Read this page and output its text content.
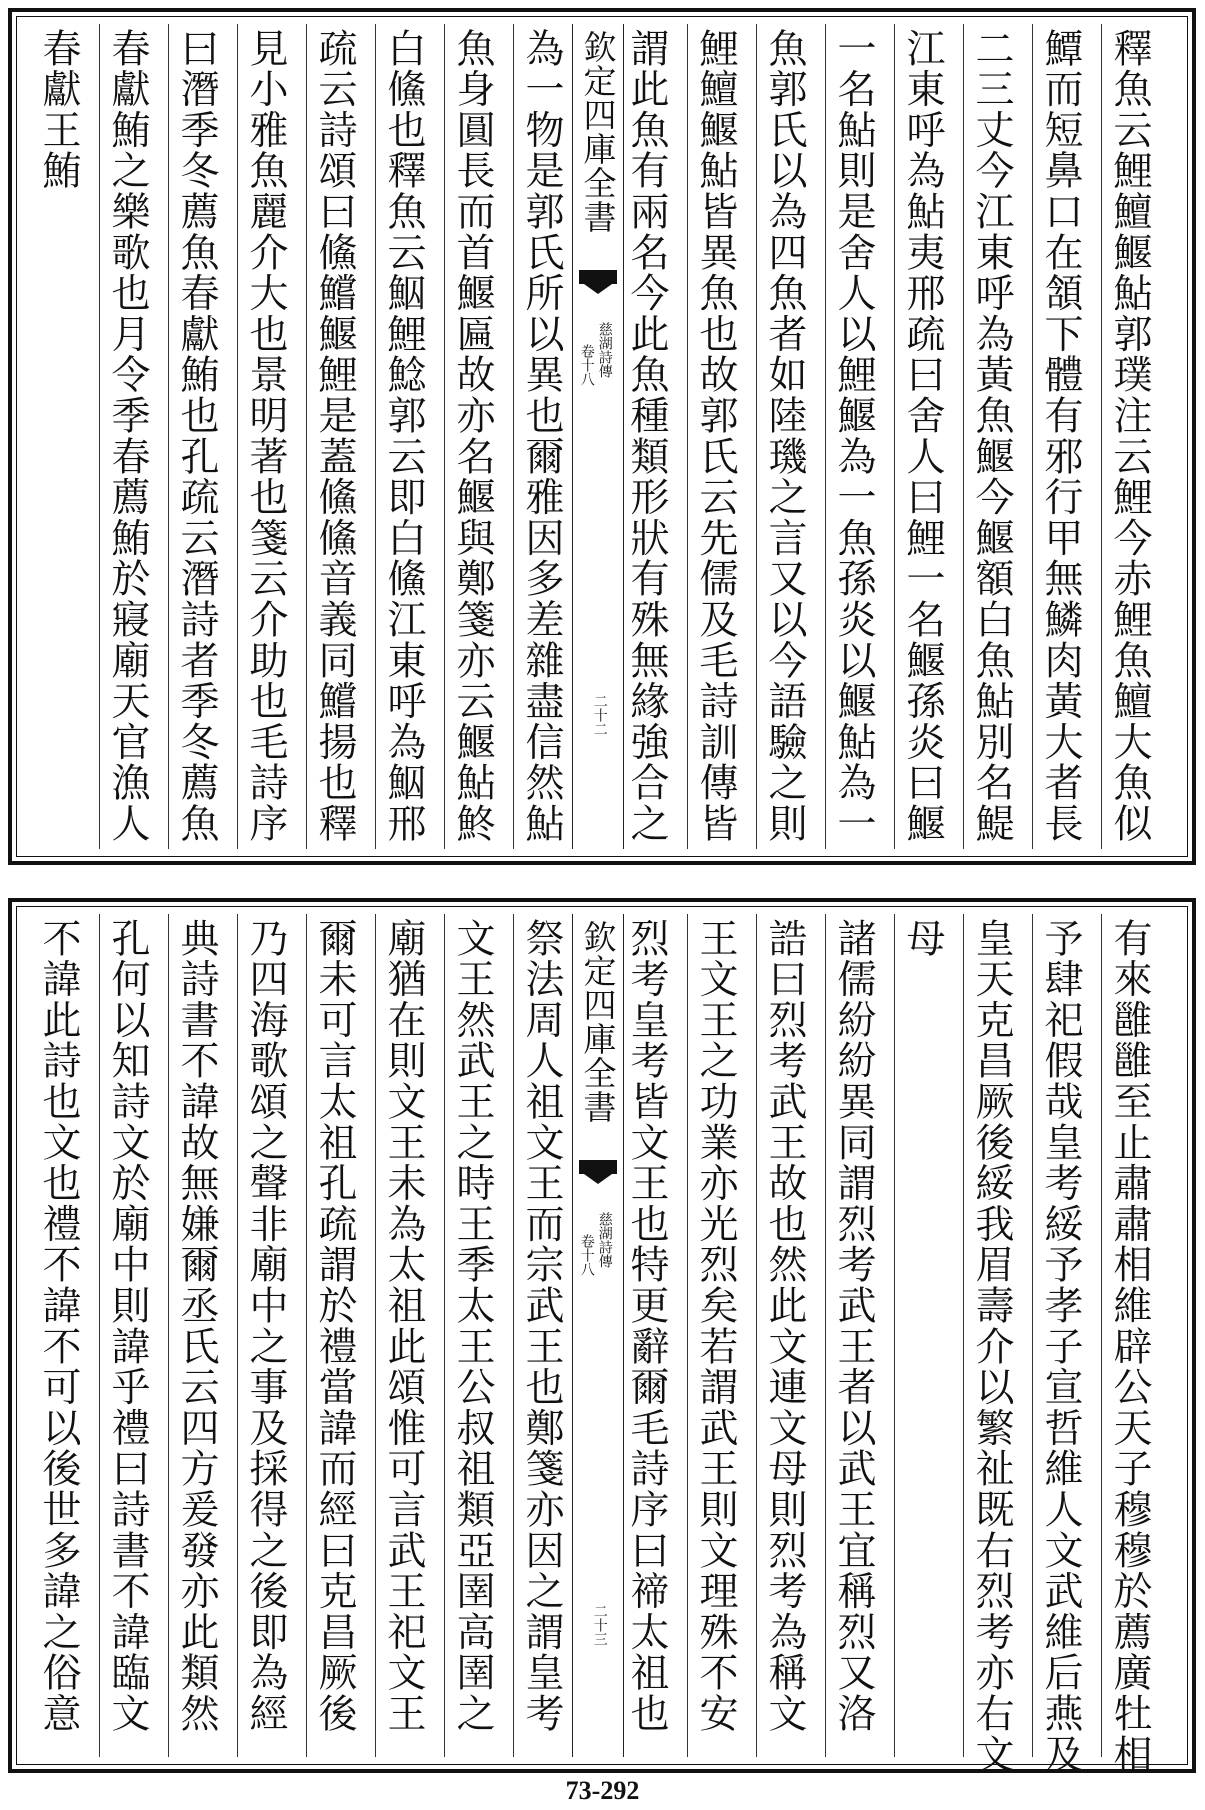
釋魚云鯉鱣鰋鮎郭璞注云鯉今赤鯉魚鱣大魚似
鱏而短鼻口在頷下體有邪行甲無鱗肉黃大者長
二三丈今江東呼為黃魚鰋今鰋額白魚鮎別名鯷
江東呼為鮎夷邢疏曰舍人曰鯉一名鰋孫炎曰鰋
一名鮎則是舍人以鯉鰋為一魚孫炎以鰋鮎為一
魚郭氏以為四魚者如陸璣之言又以今語驗之則
鯉鱣鰋鮎皆異魚也故郭氏云先儒及毛詩訓傳皆
謂此魚有兩名今此魚種類形狀有殊無緣強合之
欽定四庫全書
慈湖詩傳
卷十八
二十二
為一物是郭氏所以異也爾雅因多差雜盡信然鮎
魚身圓長而首鰋匾故亦名鰋與鄭箋亦云鰋鮎鮗
白鯈也釋魚云鮂鯉鯰郭云即白鯈江東呼為鮂邢
疏云詩頌曰鯈鱨鰋鯉是蓋鯈鯈音義同鱨揚也釋
見小雅魚麗介大也景明著也箋云介助也毛詩序
曰潛季冬薦魚春獻鮪也孔疏云潛詩者季冬薦魚
春獻鮪之樂歌也月令季春薦鮪於寢廟天官漁人
春獻王鮪
有來雝雝至止肅肅相維辟公天子穆穆於薦廣牡相
予肆祀假哉皇考綏予孝子宣哲維人文武維后燕及
皇天克昌厥後綏我眉壽介以繁祉既右烈考亦右文
母
諸儒紛紛異同謂烈考武王者以武王宜稱烈又洛
誥曰烈考武王故也然此文連文母則烈考為稱文
王文王之功業亦光烈矣若謂武王則文理殊不安
烈考皇考皆文王也特更辭爾毛詩序曰禘太祖也
欽定四庫全書
慈湖詩傳
卷十八
二十三
祭法周人祖文王而宗武王也鄭箋亦因之謂皇考
文王然武王之時王季太王公叔祖類亞圉高圉之
廟猶在則文王未為太祖此頌惟可言武王祀文王
爾未可言太祖孔疏謂於禮當諱而經曰克昌厥後
乃四海歌頌之聲非廟中之事及採得之後即為經
典詩書不諱故無嫌爾丞氏云四方爰發亦此類然
孔何以知詩文於廟中則諱乎禮曰詩書不諱臨文
不諱此詩也文也禮不諱不可以後世多諱之俗意
73-292
